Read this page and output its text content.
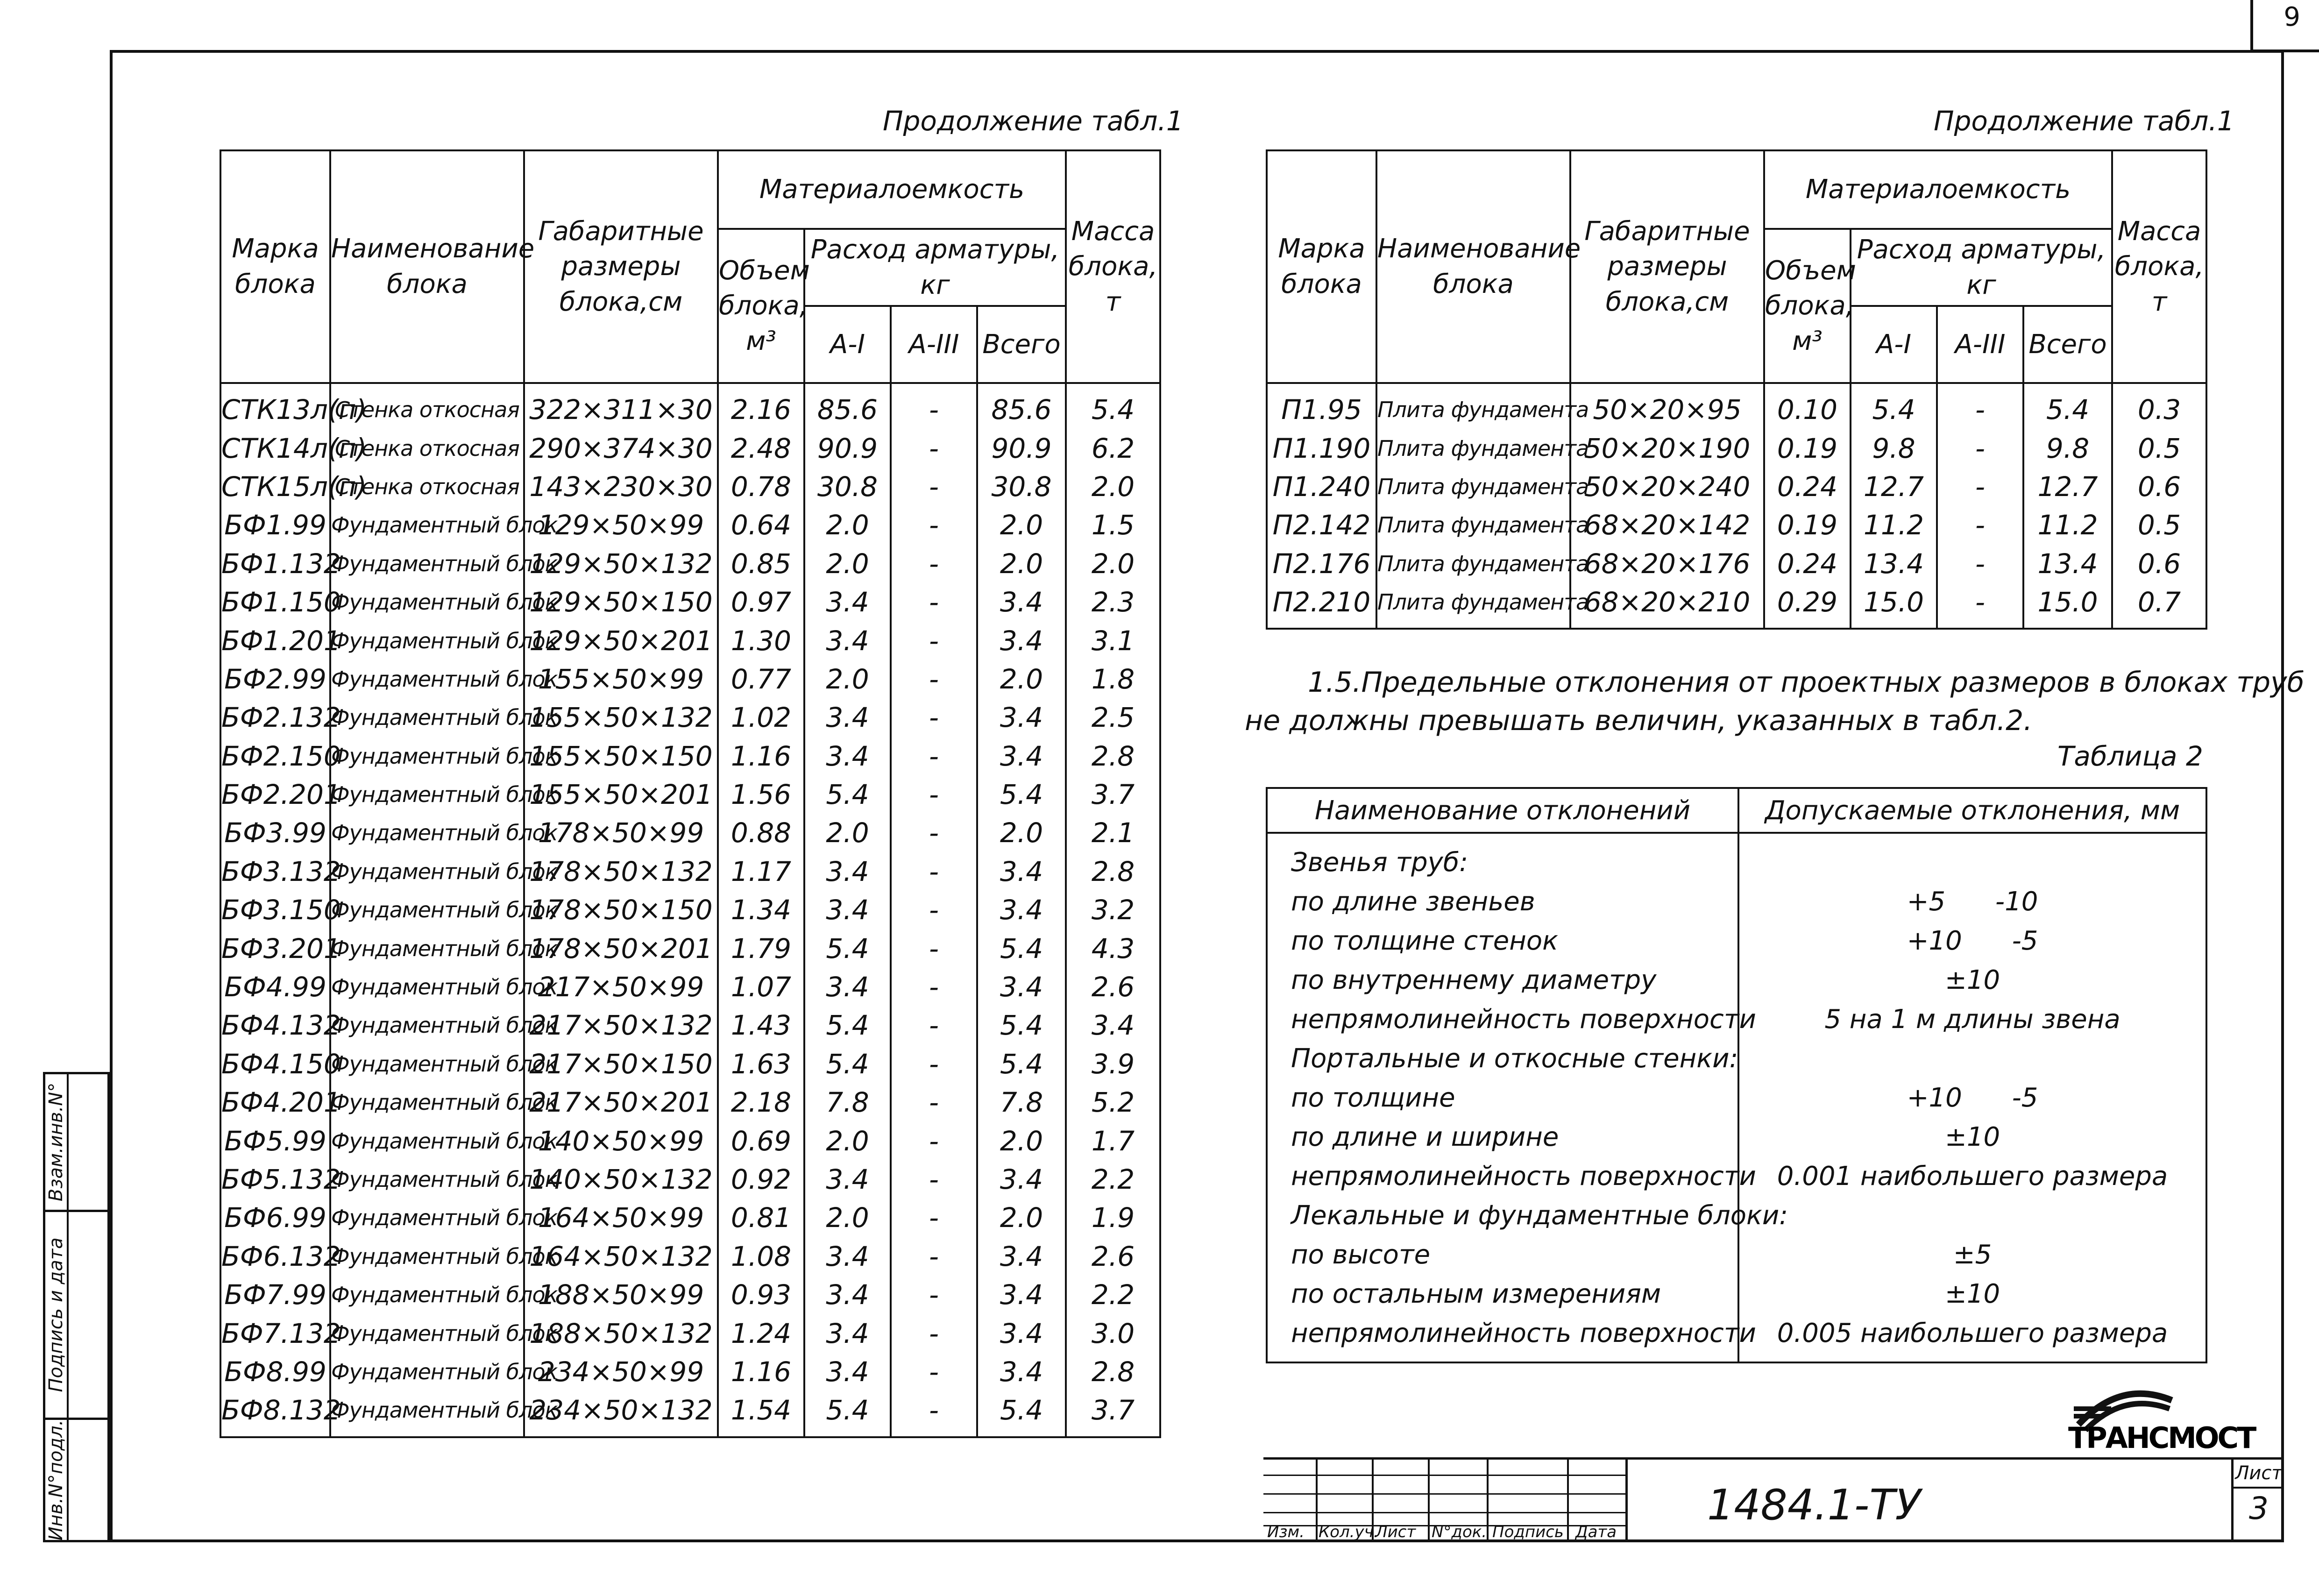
9
Продолжение табл.1
Марка блока	Наименование блока	Габаритные размеры блока,см	Материалоемкость				Масса блока, т
			Объем блока, м³	Расход арматуры, кг			
				А-I	А-III	Всего	
СТК13л(п)	Стенка откосная	322×311×30	2.16	85.6	-	85.6	5.4
СТК14л(п)	Стенка откосная	290×374×30	2.48	90.9	-	90.9	6.2
СТК15л(п)	Стенка откосная	143×230×30	0.78	30.8	-	30.8	2.0
БФ1.99	Фундаментный блок	129×50×99	0.64	2.0	-	2.0	1.5
БФ1.132	Фундаментный блок	129×50×132	0.85	2.0	-	2.0	2.0
БФ1.150	Фундаментный блок	129×50×150	0.97	3.4	-	3.4	2.3
БФ1.201	Фундаментный блок	129×50×201	1.30	3.4	-	3.4	3.1
БФ2.99	Фундаментный блок	155×50×99	0.77	2.0	-	2.0	1.8
БФ2.132	Фундаментный блок	155×50×132	1.02	3.4	-	3.4	2.5
БФ2.150	Фундаментный блок	155×50×150	1.16	3.4	-	3.4	2.8
БФ2.201	Фундаментный блок	155×50×201	1.56	5.4	-	5.4	3.7
БФ3.99	Фундаментный блок	178×50×99	0.88	2.0	-	2.0	2.1
БФ3.132	Фундаментный блок	178×50×132	1.17	3.4	-	3.4	2.8
БФ3.150	Фундаментный блок	178×50×150	1.34	3.4	-	3.4	3.2
БФ3.201	Фундаментный блок	178×50×201	1.79	5.4	-	5.4	4.3
БФ4.99	Фундаментный блок	217×50×99	1.07	3.4	-	3.4	2.6
БФ4.132	Фундаментный блок	217×50×132	1.43	5.4	-	5.4	3.4
БФ4.150	Фундаментный блок	217×50×150	1.63	5.4	-	5.4	3.9
БФ4.201	Фундаментный блок	217×50×201	2.18	7.8	-	7.8	5.2
БФ5.99	Фундаментный блок	140×50×99	0.69	2.0	-	2.0	1.7
БФ5.132	Фундаментный блок	140×50×132	0.92	3.4	-	3.4	2.2
БФ6.99	Фундаментный блок	164×50×99	0.81	2.0	-	2.0	1.9
БФ6.132	Фундаментный блок	164×50×132	1.08	3.4	-	3.4	2.6
БФ7.99	Фундаментный блок	188×50×99	0.93	3.4	-	3.4	2.2
БФ7.132	Фундаментный блок	188×50×132	1.24	3.4	-	3.4	3.0
БФ8.99	Фундаментный блок	234×50×99	1.16	3.4	-	3.4	2.8
БФ8.132	Фундаментный блок	234×50×132	1.54	5.4	-	5.4	3.7
Продолжение табл.1
Марка блока	Наименование блока	Габаритные размеры блока,см	Материалоемкость				Масса блока, т
			Объем блока, м³	Расход арматуры, кг			
				А-I	А-III	Всего	
П1.95	Плита фундамента	50×20×95	0.10	5.4	-	5.4	0.3
П1.190	Плита фундамента	50×20×190	0.19	9.8	-	9.8	0.5
П1.240	Плита фундамента	50×20×240	0.24	12.7	-	12.7	0.6
П2.142	Плита фундамента	68×20×142	0.19	11.2	-	11.2	0.5
П2.176	Плита фундамента	68×20×176	0.24	13.4	-	13.4	0.6
П2.210	Плита фундамента	68×20×210	0.29	15.0	-	15.0	0.7
1.5.Предельные отклонения от проектных размеров в блоках труб
не должны превышать величин, указанных в табл.2.
Таблица 2
Наименование отклонений	Допускаемые отклонения, мм
Звенья труб:	
по длине звеньев	+5      -10
по толщине стенок	+10      -5
по внутреннему диаметру	±10
непрямолинейность поверхности	5 на 1 м длины звена
Портальные и откосные стенки:	
по толщине	+10      -5
по длине и ширине	±10
непрямолинейность поверхности	0.001 наибольшего размера
Лекальные и фундаментные блоки:	
по высоте	±5
по остальным измерениям	±10
непрямолинейность поверхности	0.005 наибольшего размера
ТРАНСМОСТ
Изм. Кол.уч.
Лист N°док. Подпись Дата
1484.1-ТУ
Лист
3
Взам.инв.N°
Подпись и дата
Инв.N°подл.
